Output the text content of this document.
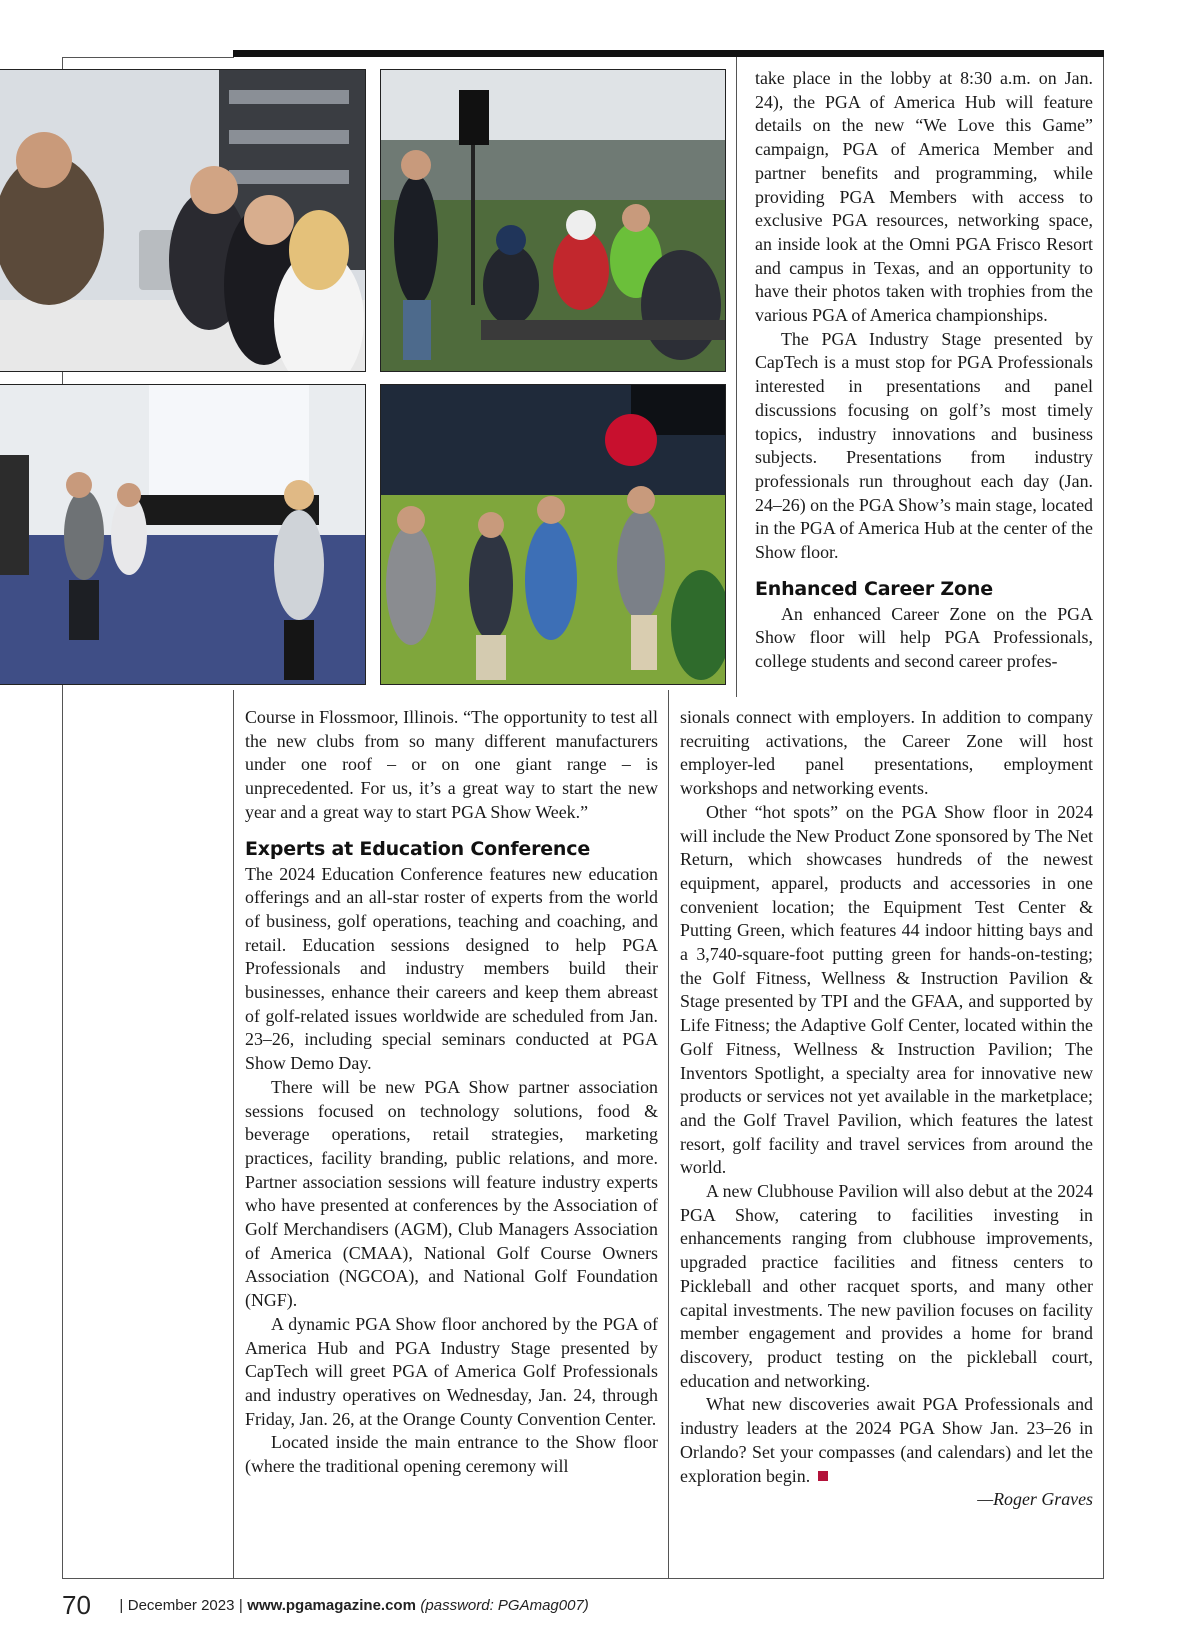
Course in Flossmoor, Illinois. “The opportunity to test all the new clubs from so many different manufacturers under one roof – or on one giant range – is unprecedented. For us, it’s a great way to start the new year and a great way to start PGA Show Week.”

Experts at Education Conference

The 2024 Education Conference features new education offerings and an all-star roster of experts from the world of business, golf operations, teaching and coaching, and retail. Education sessions designed to help PGA Professionals and industry members build their businesses, enhance their careers and keep them abreast of golf-related issues worldwide are scheduled from Jan. 23–26, including special seminars conducted at PGA Show Demo Day.

There will be new PGA Show partner association sessions focused on technology solutions, food & beverage operations, retail strategies, marketing practices, facility branding, public relations, and more. Partner association sessions will feature industry experts who have presented at conferences by the Association of Golf Merchandisers (AGM), Club Managers Association of America (CMAA), National Golf Course Owners Association (NGCOA), and National Golf Foundation (NGF).

A dynamic PGA Show floor anchored by the PGA of America Hub and PGA Industry Stage presented by CapTech will greet PGA of America Golf Professionals and industry operatives on Wednesday, Jan. 24, through Friday, Jan. 26, at the Orange County Convention Center.

Located inside the main entrance to the Show floor (where the traditional opening ceremony will

take place in the lobby at 8:30 a.m. on Jan. 24), the PGA of America Hub will feature details on the new “We Love this Game” campaign, PGA of America Member and partner benefits and programming, while providing PGA Members with access to exclusive PGA resources, networking space, an inside look at the Omni PGA Frisco Resort and campus in Texas, and an opportunity to have their photos taken with trophies from the various PGA of America championships.

The PGA Industry Stage presented by CapTech is a must stop for PGA Professionals interested in presentations and panel discussions focusing on golf’s most timely topics, industry innovations and business subjects. Presentations from industry professionals run throughout each day (Jan. 24–26) on the PGA Show’s main stage, located in the PGA of America Hub at the center of the Show floor.

Enhanced Career Zone

An enhanced Career Zone on the PGA Show floor will help PGA Professionals, college students and second career profes-

sionals connect with employers. In addition to company recruiting activations, the Career Zone will host employer-led panel presentations, employment workshops and networking events.

Other “hot spots” on the PGA Show floor in 2024 will include the New Product Zone sponsored by The Net Return, which showcases hundreds of the newest equipment, apparel, products and accessories in one convenient location; the Equipment Test Center & Putting Green, which features 44 indoor hitting bays and a 3,740-square-foot putting green for hands-on-testing; the Golf Fitness, Wellness & Instruction Pavilion & Stage presented by TPI and the GFAA, and supported by Life Fitness; the Adaptive Golf Center, located within the Golf Fitness, Wellness & Instruction Pavilion; The Inventors Spotlight, a specialty area for innovative new products or services not yet available in the marketplace; and the Golf Travel Pavilion, which features the latest resort, golf facility and travel services from around the world.

A new Clubhouse Pavilion will also debut at the 2024 PGA Show, catering to facilities investing in enhancements ranging from clubhouse improvements, upgraded practice facilities and fitness centers to Pickleball and other racquet sports, and many other capital investments. The new pavilion focuses on facility member engagement and provides a home for brand discovery, product testing on the pickleball court, education and networking.

What new discoveries await PGA Professionals and industry leaders at the 2024 PGA Show Jan. 23–26 in Orlando? Set your compasses (and calendars) and let the exploration begin.

—Roger Graves

70 | December 2023 | www.pgamagazine.com (password: PGAmag007)
